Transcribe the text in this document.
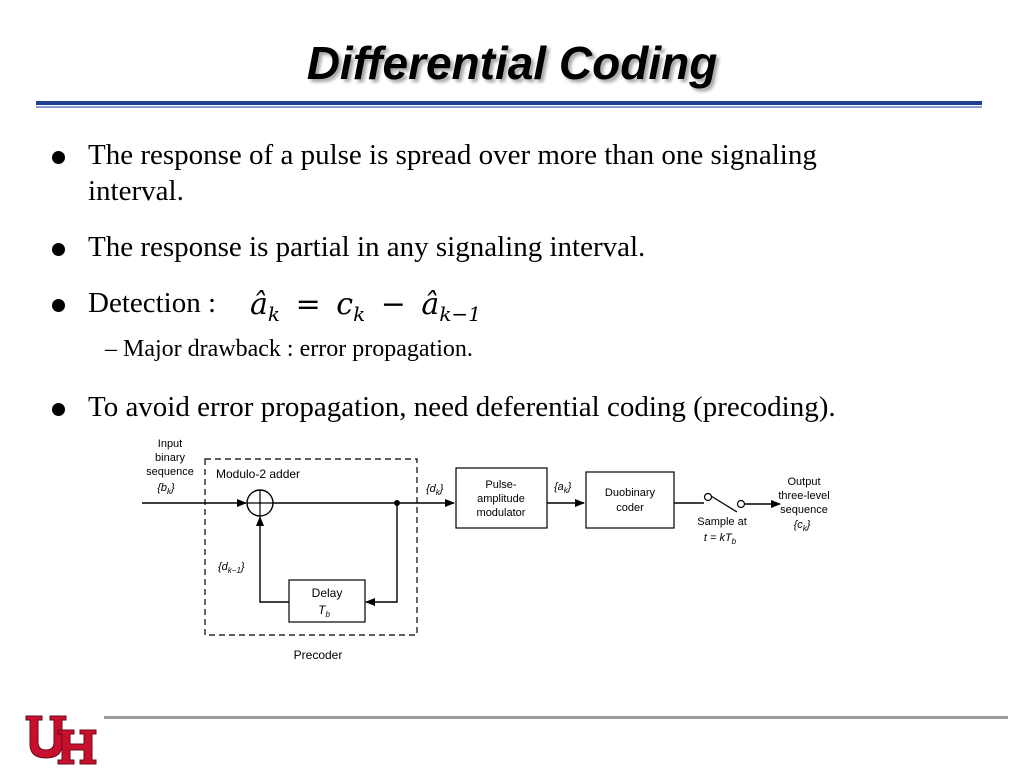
Differential Coding
The response of a pulse is spread over more than one signaling
interval.
The response is partial in any signaling interval.
Detection : $â_k = c_k$ − $â_{k-1}$
– Major drawback : error propagation.
To avoid error propagation, need deferential coding (precoding).
Input
binary
sequence
$\{b_k\}$
Modulo-2 adder
Precoder
$\{d_k\}$
Delay
$T_b$
$\{d_{k-1}\}$
Pulse-
amplitude
modulator
$\{a_k\}$	Duobinary
coder
Sample at
$t = kT_b$
Output
three-level
sequence
$\{c_k\}$
